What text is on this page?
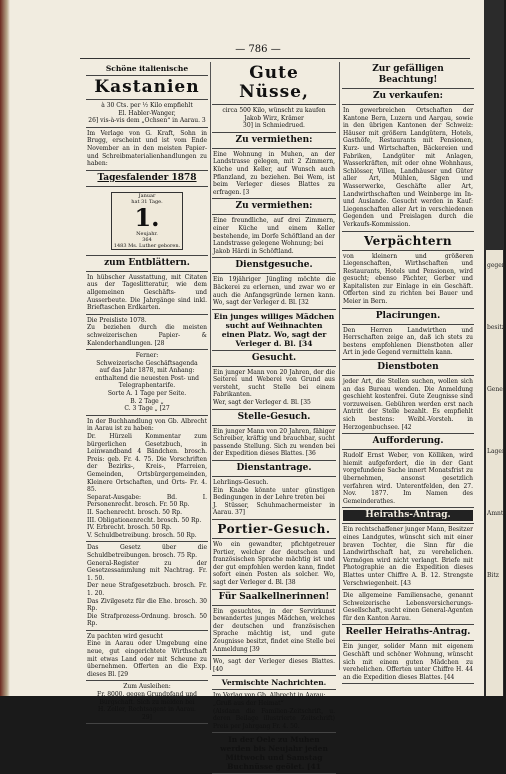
— 786 —
Schöne italienische
Kastanien
à 30 Cts. per ½ Kilo empfiehlt
El. Habler-Wanger,
26] vis-à-vis dem „Ochsen“ in Aarau. 3
Im Verlage von G. Kraft, Sohn in Brugg, erscheint und ist vom Ende November an in den meisten Papier- und Schreibmaterialienhandlungen zu haben:
Tagesfalender 1878
Januar
hat 31 Tage.
1.
Neujahr.
364
1483 Ms. Luther geboren.
zum Entblättern.
In hübscher Ausstattung, mit Citaten aus der Tageslitteratur, wie dem allgemeinen Geschäfts- und Ausserbeute. Die Jahrgänge sind inkl. Brieftaschen Erdkarten.
Die Preisliste 1078.
Zu beziehen durch die meisten schweizerischen Papier- & Kalenderhandlungen. [28
Ferner:
Schweizerische Geschäftsagenda
auf das Jahr 1878, mit Anhang: enthaltend die neuesten Post- und Telegraphentarife.
Sorte A. 1 Tage per Seite.
B. 2 Tage „
C. 3 Tage „ [27
In der Buchhandlung von Gb. Albrecht in Aarau ist zu haben:
Dr. Hürzeli Kommentar zum bürgerlichen Gesetzbuch, in Leinwandband 4 Bändchen. brosch. Preis: geb. Fr. 4. 75. Die Vorschriften der Bezirks-, Kreis-, Pfarreien, Gemeinden, Ortsbürgergemeinden, Kleinere Ortschaften, und Orts- Fr. 4. 85.
Separat-Ausgabe: Bd. I. Personenrecht. brosch. Fr. 50 Rp.
II. Sachenrecht. brosch. 50 Rp.
III. Obligationenrecht. brosch. 50 Rp.
IV. Erbrecht. brosch. 50 Rp.
V. Schuldbetreibung. brosch. 50 Rp.
Das Gesetz über die Schuldbetreibungen. brosch. 75 Rp.
General-Register zu der Gesetzessammlung mit Nachtrag. Fr. 1. 50.
Der neue Strafgesetzbuch. brosch. Fr. 1. 20.
Das Zivilgesetz für die Ehe. brosch. 30 Rp.
Die Strafprozess-Ordnung. brosch. 50 Rp.
Zu pachten wird gesucht
Eine in Aarau oder Umgebung eine neue, gut eingerichtete Wirthschaft mit etwas Land oder mit Scheune zu übernehmen. Offerten an die Exp. dieses Bl. [29
Zum Ausleihen:
Fr. 8000. gegen Grundpfand und Bürgschaft. Sich zu melden bei
H. Zeller, Rechtsagent in Aarau.
29]
Gute Nüsse,
circa 500 Kilo, wünscht zu kaufen
Jakob Wirz, Krämer
30] in Schmiedrued.
Zu vermiethen:
Eine Wohnung in Muhen, an der Landstrasse gelegen, mit 2 Zimmern, Küche und Keller, auf Wunsch auch Pflanzland, zu beziehen. Bei Wem, ist beim Verleger dieses Blattes zu erfragen. [3
Zu vermiethen:
Eine freundliche, auf drei Zimmern, einer Küche und einem Keller bestehende, im Dorfe Schöftland an der Landstrasse gelegene Wohnung; bei
Jakob Härdi in Schöftland.
Dienstgesuche.
Ein 19jähriger Jüngling möchte die Bäckerei zu erlernen, und zwar wo er auch die Anfangsgründe lernen kann. Wo, sagt der Verleger d. Bl. [32
Ein junges williges Mädchen
sucht auf Weihnachten einen Platz. Wo, sagt der Verleger d. Bl. [34
Gesucht.
Ein junger Mann von 20 Jahren, der die Seiterei und Weberei von Grund aus versteht, sucht Stelle bei einem Fabrikanten.
Wer, sagt der Verleger d. Bl. [35
Stelle-Gesuch.
Ein junger Mann von 20 Jahren, fähiger Schreiber, kräftig und brauchbar, sucht passende Stellung. Sich zu wenden bei der Expedition dieses Blattes. [36
Dienstantrage.
Lehrlings-Gesuch.
Ein Knabe könnte unter günstigen Bedingungen in der Lehre treten bei
J. Stüsser, Schuhmachermeister in Aarau. 37]
Portier-Gesuch.
Wo ein gewandter, pfichtgetreuer Portier, welcher der deutschen und französischen Sprache mächtig ist und der gut empfohlen werden kann, findet sofort einen Posten als solcher. Wo, sagt der Verleger d. Bl. [38
Für Saalkellnerinnen!
Ein gesuchtes, in der Servirkunst bewandertes junges Mädchen, welches der deutschen und französischen Sprache mächtig ist, und gute Zeugnisse besitzt, findet eine Stelle bei Anmeldung [39
Wo, sagt der Verleger dieses Blattes. [40
Vermischte Nachrichten.
Im Verlag von Gb. Albrecht in Aarau:
„Gruß aus der Heimat“
(Alsdann die Familien-Zeitschrift, u. deren Beilage illustrierte Zeitschrift) Preis per Jahrgang Fr. 4. 50.
In der Oele zu Muhen
werden bis Neujahr jeden Mittwoch und Samstag Buchnüsse geölet. [41
Zur gefälligen Beachtung!
Zu verkaufen:
In gewerbreichen Ortschaften der Kantone Bern, Luzern und Aargau, sowie in den übrigen Kantonen der Schweiz: Häuser mit größern Landgütern, Hotels, Gasthöfe, Restaurants mit Pensionen, Kurz- und Wirtschaften, Bäckereien und Fabriken, Landgüter mit Anlagen, Wasserkräften, mit oder ohne Wohnhaus, Schlösser, Villen, Landhäuser und Güter aller Art, Mühlen, Sägen und Wasserwerke, Geschäfte aller Art, Landwirthschaften und Weinberge im In- und Auslande. Gesucht werden in Kauf: Liegenschaften aller Art in verschiedenen Gegenden und Preislagen durch die Verkaufs-Kommission.
Verpächtern
von kleinern und größeren Liegenschaften, Wirthschaften und Restaurants, Hotels und Pensionen, wird gesucht; ebenso Pächter, Gerber und Kapitalisten zur Einlage in ein Geschäft. Offerten sind zu richten bei Bauer und Meier in Bern.
Placirungen.
Den Herren Landwirthen und Herrschaften zeige an, daß ich stets zu bestens empfohlenen Dienstboten aller Art in jede Gegend vermitteln kann.
Dienstboten
jeder Art, die Stellen suchen, wollen sich an das Bureau wenden. Die Anmeldung geschieht kostenfrei. Gute Zeugnisse sind vorzuweisen. Gebühren werden erst nach Antritt der Stelle bezahlt. Es empfiehlt sich bestens: Weibl.-Vorsteh. in Herzogenbuchsee. [42
Aufforderung.
Rudolf Ernst Weber, von Kölliken, wird hiemit aufgefordert, die in der Gant vorgefundene Sache innert Monatsfrist zu übernehmen, ansonst gesetzlich verfahren wird. Unterentfelden, den 27. Nov. 1877. Im Namen des Gemeinderathes.
Heiraths-Antrag.
Ein rechtschaffener junger Mann, Besitzer eines Landgutes, wünscht sich mit einer braven Tochter, die Sinn für die Landwirthschaft hat, zu verehelichen. Vermögen wird nicht verlangt. Briefe mit Photographie an die Expedition dieses Blattes unter Chiffre A. B. 12. Strengste Verschwiegenheit. [43
Die allgemeine Familiensache, genannt Schweizerische Lebensversicherungs-Gesellschaft, sucht einen General-Agenten für den Kanton Aarau.
Reeller Heiraths-Antrag.
Ein junger, solider Mann mit eigenem Geschäft und schöner Wohnung, wünscht sich mit einem guten Mädchen zu verehelichen. Offerten unter Chiffre H. 44 an die Expedition dieses Blattes. [44
gegen
besitz
Gene
Lager
Amnt
Bitz
